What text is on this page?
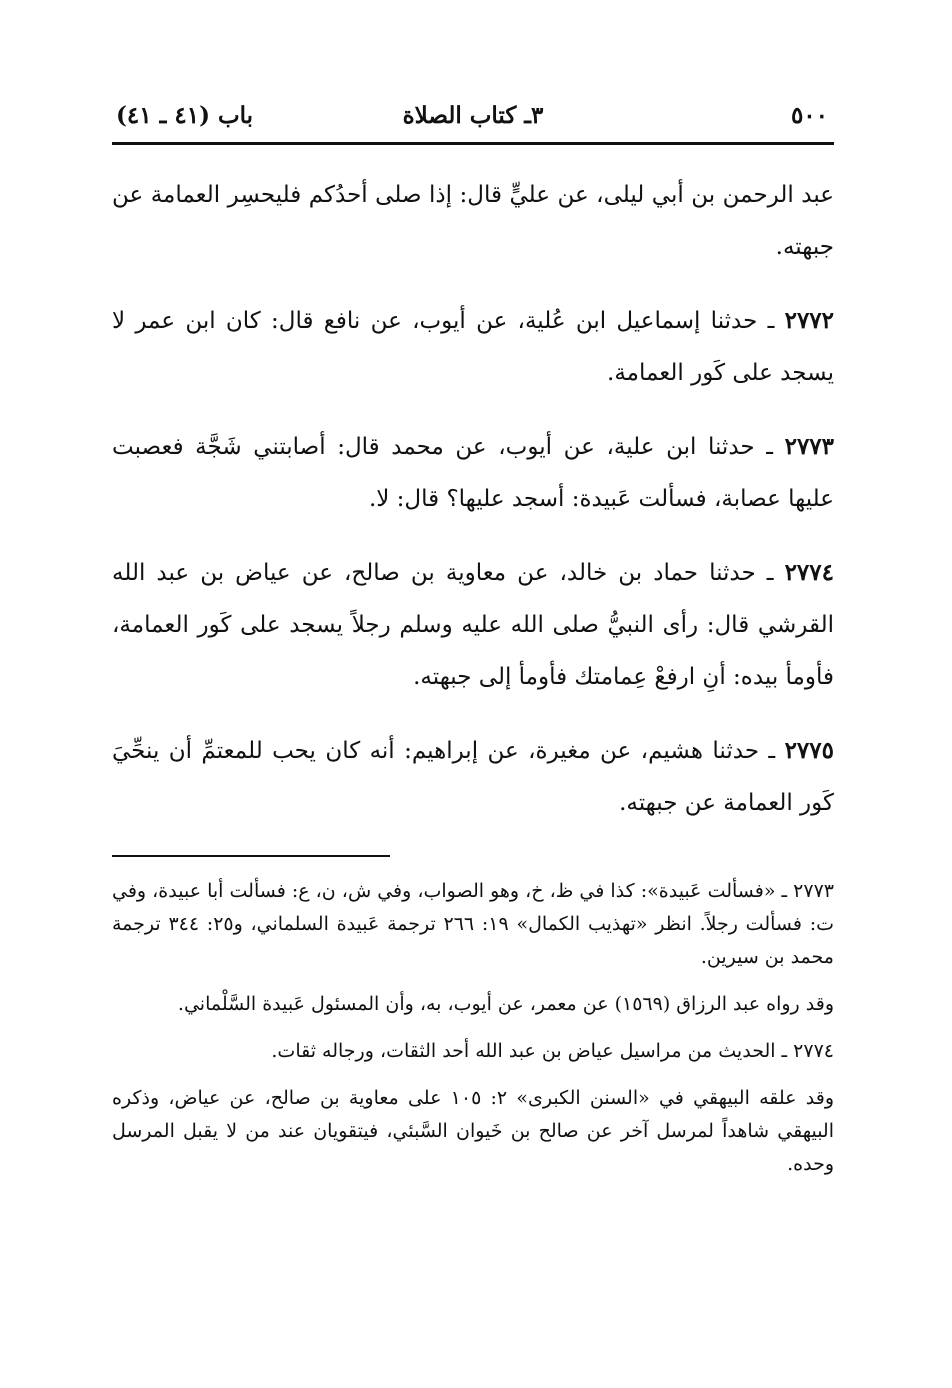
٥٠٠
٣ـ كتاب الصلاة
باب (٤١ ـ ٤١)

عبد الرحمن بن أبي ليلى، عن عليٍّ قال: إذا صلى أحدُكم فليحسِر العمامة عن جبهته.

٢٧٧٢ ـ حدثنا إسماعيل ابن عُلية، عن أيوب، عن نافع قال: كان ابن عمر لا يسجد على كَور العمامة.

٢٧٧٣ ـ حدثنا ابن علية، عن أيوب، عن محمد قال: أصابتني شَجَّة فعصبت عليها عصابة، فسألت عَبيدة: أسجد عليها؟ قال: لا.

٢٧٧٤ ـ حدثنا حماد بن خالد، عن معاوية بن صالح، عن عياض بن عبد الله القرشي قال: رأى النبيُّ صلى الله عليه وسلم رجلاً يسجد على كَور العمامة، فأومأ بيده: أنِ ارفعْ عِمامتك فأومأ إلى جبهته.

٢٧٧٥ ـ حدثنا هشيم، عن مغيرة، عن إبراهيم: أنه كان يحب للمعتمِّ أن ينحِّيَ كَور العمامة عن جبهته.

٢٧٧٣ ـ «فسألت عَبيدة»: كذا في ظ، خ، وهو الصواب، وفي ش، ن، ع: فسألت أبا عبيدة، وفي ت: فسألت رجلاً. انظر «تهذيب الكمال» ١٩: ٢٦٦ ترجمة عَبيدة السلماني، و٢٥: ٣٤٤ ترجمة محمد بن سيرين.

وقد رواه عبد الرزاق (١٥٦٩) عن معمر، عن أيوب، به، وأن المسئول عَبيدة السَّلْماني.

٢٧٧٤ ـ الحديث من مراسيل عياض بن عبد الله أحد الثقات، ورجاله ثقات.

وقد علقه البيهقي في «السنن الكبرى» ٢: ١٠٥ على معاوية بن صالح، عن عياض، وذكره البيهقي شاهداً لمرسل آخر عن صالح بن خَيوان السَّبئي، فيتقويان عند من لا يقبل المرسل وحده.
